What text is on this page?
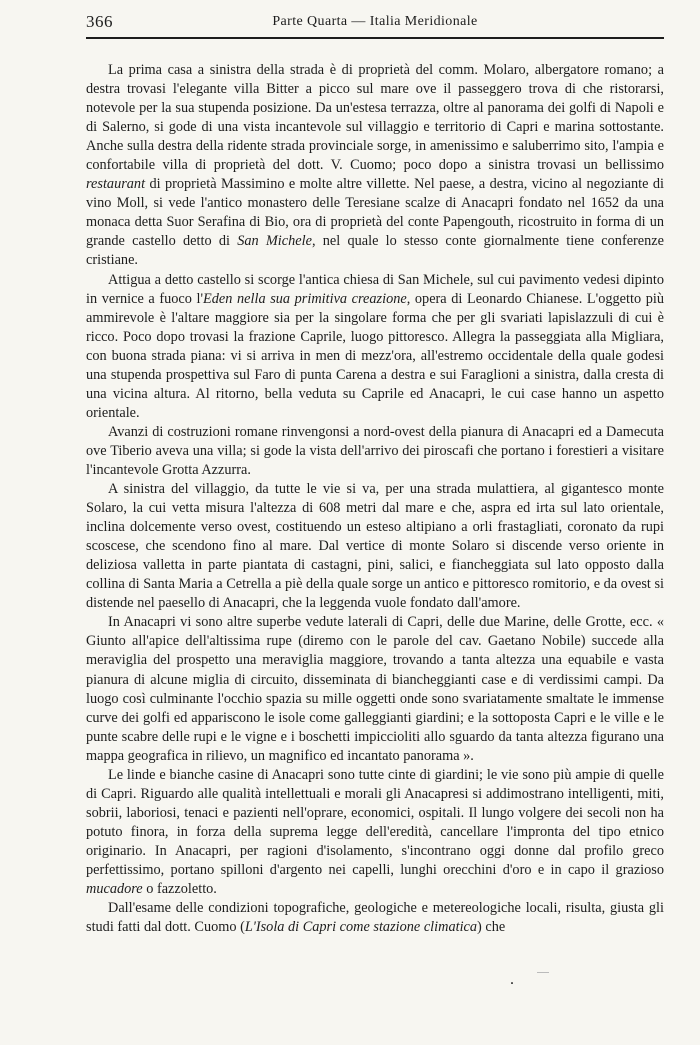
366	Parte Quarta — Italia Meridionale

La prima casa a sinistra della strada è di proprietà del comm. Molaro, albergatore romano; a destra trovasi l'elegante villa Bitter a picco sul mare ove il passeggero trova di che ristorarsi, notevole per la sua stupenda posizione. Da un'estesa terrazza, oltre al panorama dei golfi di Napoli e di Salerno, si gode di una vista incantevole sul villaggio e territorio di Capri e marina sottostante. Anche sulla destra della ridente strada provinciale sorge, in amenissimo e saluberrimo sito, l'ampia e confortabile villa di proprietà del dott. V. Cuomo; poco dopo a sinistra trovasi un bellissimo restaurant di proprietà Massimino e molte altre villette. Nel paese, a destra, vicino al negoziante di vino Moll, si vede l'antico monastero delle Teresiane scalze di Anacapri fondato nel 1652 da una monaca detta Suor Serafina di Bio, ora di proprietà del conte Papengouth, ricostruito in forma di un grande castello detto di San Michele, nel quale lo stesso conte giornalmente tiene conferenze cristiane.

Attigua a detto castello si scorge l'antica chiesa di San Michele, sul cui pavimento vedesi dipinto in vernice a fuoco l'Eden nella sua primitiva creazione, opera di Leonardo Chianese. L'oggetto più ammirevole è l'altare maggiore sia per la singolare forma che per gli svariati lapislazzuli di cui è ricco. Poco dopo trovasi la frazione Caprile, luogo pittoresco. Allegra la passeggiata alla Migliara, con buona strada piana: vi si arriva in men di mezz'ora, all'estremo occidentale della quale godesi una stupenda prospettiva sul Faro di punta Carena a destra e sui Faraglioni a sinistra, dalla cresta di una vicina altura. Al ritorno, bella veduta su Caprile ed Anacapri, le cui case hanno un aspetto orientale.

Avanzi di costruzioni romane rinvengonsi a nord-ovest della pianura di Anacapri ed a Damecuta ove Tiberio aveva una villa; si gode la vista dell'arrivo dei piroscafi che portano i forestieri a visitare l'incantevole Grotta Azzurra.

A sinistra del villaggio, da tutte le vie si va, per una strada mulattiera, al gigantesco monte Solaro, la cui vetta misura l'altezza di 608 metri dal mare e che, aspra ed irta sul lato orientale, inclina dolcemente verso ovest, costituendo un esteso altipiano a orli frastagliati, coronato da rupi scoscese, che scendono fino al mare. Dal vertice di monte Solaro si discende verso oriente in deliziosa valletta in parte piantata di castagni, pini, salici, e fiancheggiata sul lato opposto dalla collina di Santa Maria a Cetrella a piè della quale sorge un antico e pittoresco romitorio, e da ovest si distende nel paesello di Anacapri, che la leggenda vuole fondato dall'amore.

In Anacapri vi sono altre superbe vedute laterali di Capri, delle due Marine, delle Grotte, ecc. « Giunto all'apice dell'altissima rupe (diremo con le parole del cav. Gaetano Nobile) succede alla meraviglia del prospetto una meraviglia maggiore, trovando a tanta altezza una equabile e vasta pianura di alcune miglia di circuito, disseminata di biancheggianti case e di verdissimi campi. Da luogo così culminante l'occhio spazia su mille oggetti onde sono svariatamente smaltate le immense curve dei golfi ed appariscono le isole come galleggianti giardini; e la sottoposta Capri e le ville e le punte scabre delle rupi e le vigne e i boschetti impiccioliti allo sguardo da tanta altezza figurano una mappa geografica in rilievo, un magnifico ed incantato panorama ».

Le linde e bianche casine di Anacapri sono tutte cinte di giardini; le vie sono più ampie di quelle di Capri. Riguardo alle qualità intellettuali e morali gli Anacapresi si addimostrano intelligenti, miti, sobrii, laboriosi, tenaci e pazienti nell'oprare, economici, ospitali. Il lungo volgere dei secoli non ha potuto finora, in forza della suprema legge dell'eredità, cancellare l'impronta del tipo etnico originario. In Anacapri, per ragioni d'isolamento, s'incontrano oggi donne dal profilo greco perfettissimo, portano spilloni d'argento nei capelli, lunghi orecchini d'oro e in capo il grazioso mucadore o fazzoletto.

Dall'esame delle condizioni topografiche, geologiche e metereologiche locali, risulta, giusta gli studi fatti dal dott. Cuomo (L'Isola di Capri come stazione climatica) che

.
